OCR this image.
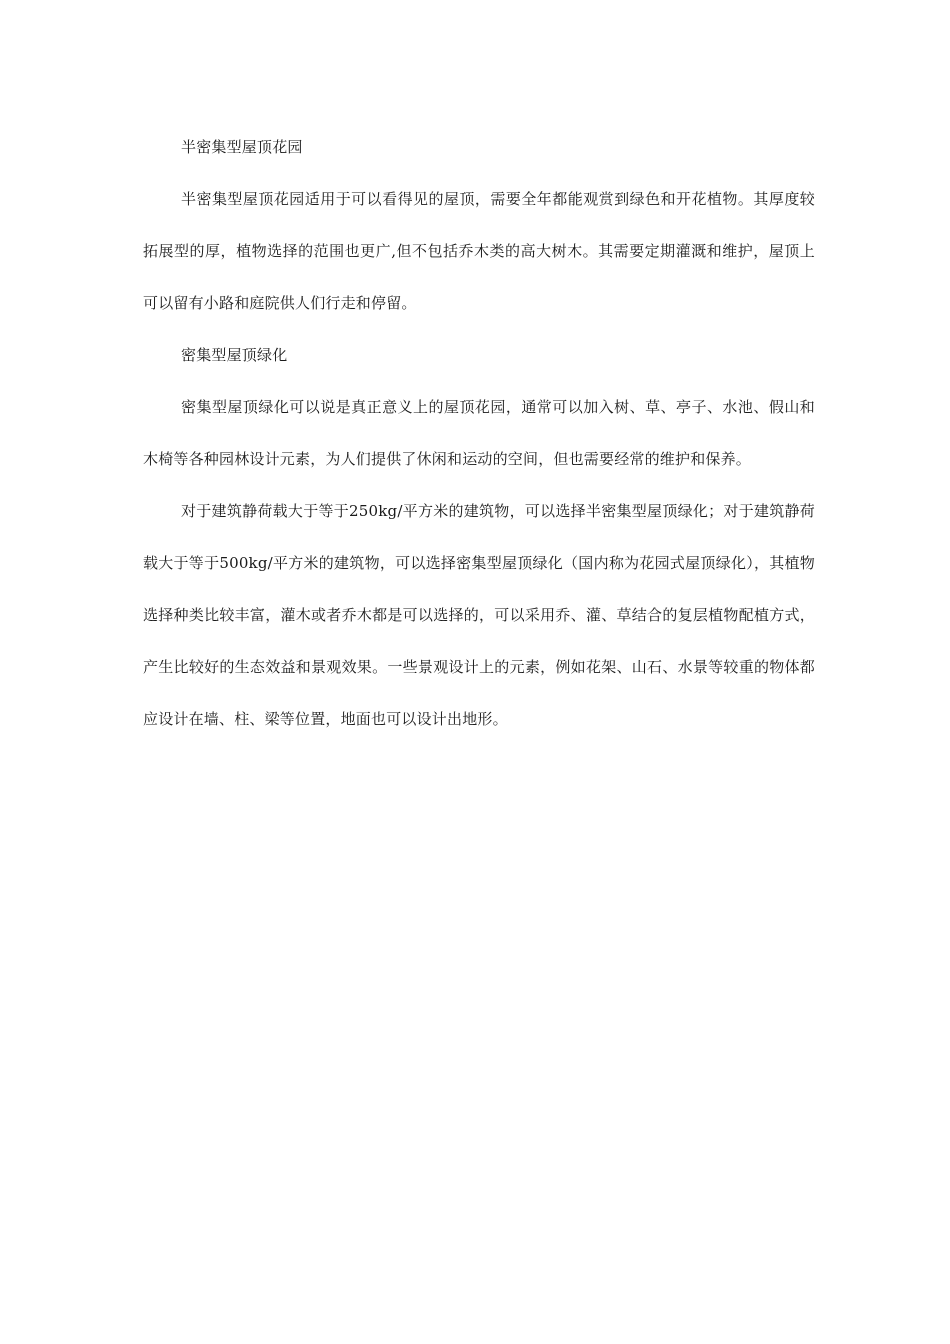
半密集型屋顶花园

半密集型屋顶花园适用于可以看得见的屋顶，需要全年都能观赏到绿色和开花植物。其厚度较拓展型的厚，植物选择的范围也更广,但不包括乔木类的高大树木。其需要定期灌溉和维护，屋顶上可以留有小路和庭院供人们行走和停留。

密集型屋顶绿化

密集型屋顶绿化可以说是真正意义上的屋顶花园，通常可以加入树、草、亭子、水池、假山和木椅等各种园林设计元素，为人们提供了休闲和运动的空间，但也需要经常的维护和保养。

对于建筑静荷载大于等于250kg/平方米的建筑物，可以选择半密集型屋顶绿化；对于建筑静荷载大于等于500kg/平方米的建筑物，可以选择密集型屋顶绿化（国内称为花园式屋顶绿化），其植物选择种类比较丰富，灌木或者乔木都是可以选择的，可以采用乔、灌、草结合的复层植物配植方式，产生比较好的生态效益和景观效果。一些景观设计上的元素，例如花架、山石、水景等较重的物体都应设计在墙、柱、梁等位置，地面也可以设计出地形。
